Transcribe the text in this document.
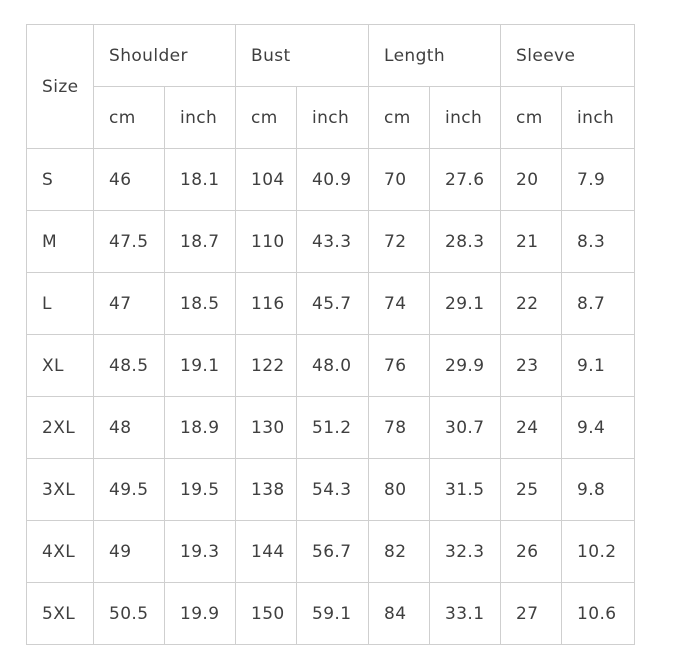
Size	Shoulder		Bust		Length		Sleeve	
	cm	inch	cm	inch	cm	inch	cm	inch
S	46	18.1	104	40.9	70	27.6	20	7.9
M	47.5	18.7	110	43.3	72	28.3	21	8.3
L	47	18.5	116	45.7	74	29.1	22	8.7
XL	48.5	19.1	122	48.0	76	29.9	23	9.1
2XL	48	18.9	130	51.2	78	30.7	24	9.4
3XL	49.5	19.5	138	54.3	80	31.5	25	9.8
4XL	49	19.3	144	56.7	82	32.3	26	10.2
5XL	50.5	19.9	150	59.1	84	33.1	27	10.6
